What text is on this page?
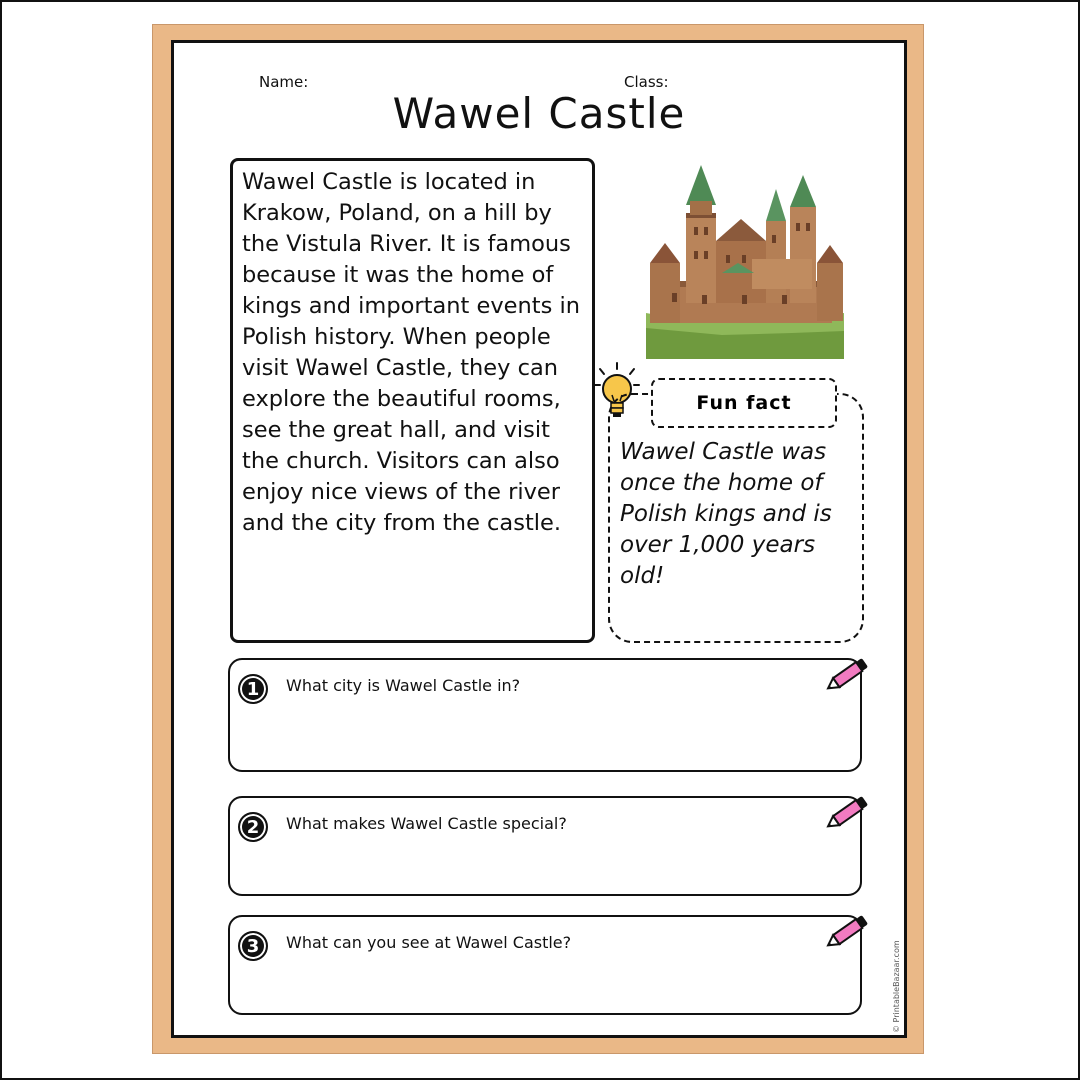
Name:	Class:
Wawel Castle
Wawel Castle is located in Krakow, Poland, on a hill by the Vistula River. It is famous because it was the home of kings and important events in Polish history. When people visit Wawel Castle, they can explore the beautiful rooms, see the great hall, and visit the church. Visitors can also enjoy nice views of the river and the city from the castle.
Fun fact
Wawel Castle was once the home of Polish kings and is over 1,000 years old!
1	What city is Wawel Castle in?
2	What makes Wawel Castle special?
3	What can you see at Wawel Castle?	© PrintableBazaar.com
